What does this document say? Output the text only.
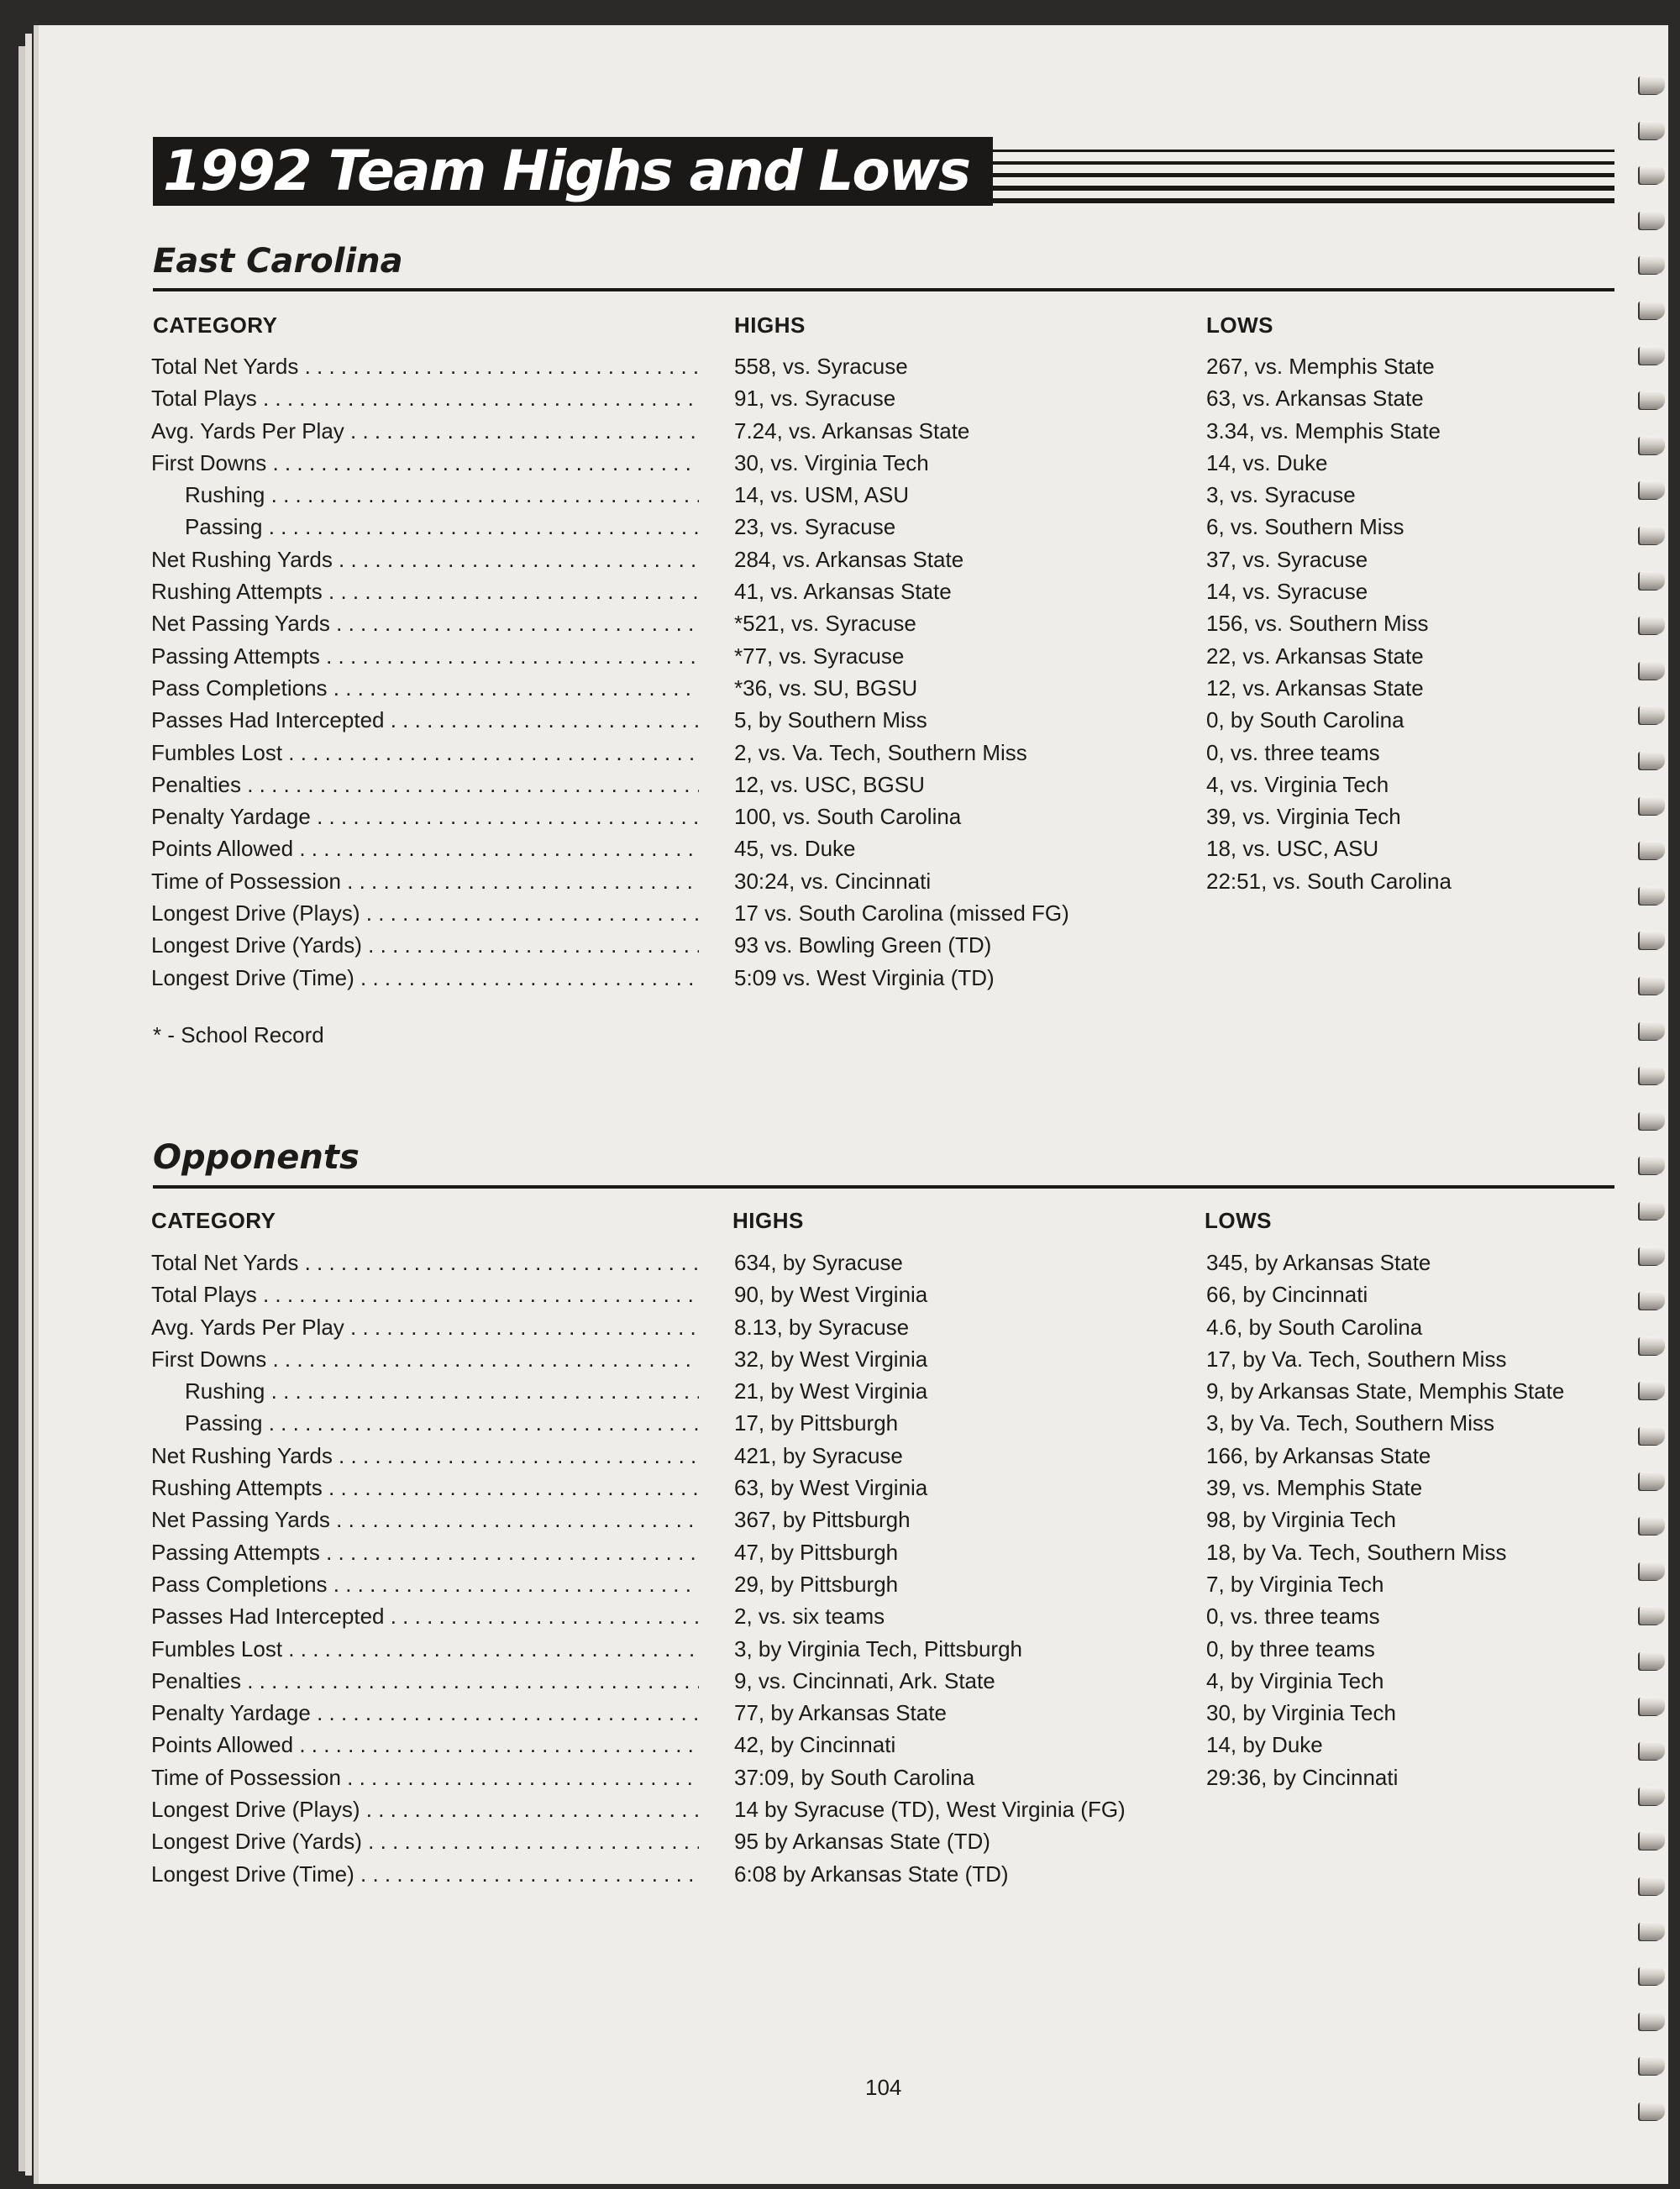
1992 Team Highs and Lows
East Carolina
CATEGORY	HIGHS	LOWS
Total Net Yards . . .	558, vs. Syracuse	267, vs. Memphis State
Total Plays . . .	91, vs. Syracuse	63, vs. Arkansas State
Avg. Yards Per Play . . .	7.24, vs. Arkansas State	3.34, vs. Memphis State
First Downs . . .	30, vs. Virginia Tech	14, vs. Duke
Rushing . . .	14, vs. USM, ASU	3, vs. Syracuse
Passing . . .	23, vs. Syracuse	6, vs. Southern Miss
Net Rushing Yards . . .	284, vs. Arkansas State	37, vs. Syracuse
Rushing Attempts . . .	41, vs. Arkansas State	14, vs. Syracuse
Net Passing Yards . . .	*521, vs. Syracuse	156, vs. Southern Miss
Passing Attempts . . .	*77, vs. Syracuse	22, vs. Arkansas State
Pass Completions . . .	*36, vs. SU, BGSU	12, vs. Arkansas State
Passes Had Intercepted . . .	5, by Southern Miss	0, by South Carolina
Fumbles Lost . . .	2, vs. Va. Tech, Southern Miss	0, vs. three teams
Penalties . . .	12, vs. USC, BGSU	4, vs. Virginia Tech
Penalty Yardage . . .	100, vs. South Carolina	39, vs. Virginia Tech
Points Allowed . . .	45, vs. Duke	18, vs. USC, ASU
Time of Possession . . .	30:24, vs. Cincinnati	22:51, vs. South Carolina
Longest Drive (Plays) . . .	17 vs. South Carolina (missed FG)
Longest Drive (Yards) . . .	93 vs. Bowling Green (TD)
Longest Drive (Time) . . .	5:09 vs. West Virginia (TD)
* - School Record
Opponents
CATEGORY	HIGHS	LOWS
Total Net Yards . . .	634, by Syracuse	345, by Arkansas State
Total Plays . . .	90, by West Virginia	66, by Cincinnati
Avg. Yards Per Play . . .	8.13, by Syracuse	4.6, by South Carolina
First Downs . . .	32, by West Virginia	17, by Va. Tech, Southern Miss
Rushing . . .	21, by West Virginia	9, by Arkansas State, Memphis State
Passing . . .	17, by Pittsburgh	3, by Va. Tech, Southern Miss
Net Rushing Yards . . .	421, by Syracuse	166, by Arkansas State
Rushing Attempts . . .	63, by West Virginia	39, vs. Memphis State
Net Passing Yards . . .	367, by Pittsburgh	98, by Virginia Tech
Passing Attempts . . .	47, by Pittsburgh	18, by Va. Tech, Southern Miss
Pass Completions . . .	29, by Pittsburgh	7, by Virginia Tech
Passes Had Intercepted . . .	2, vs. six teams	0, vs. three teams
Fumbles Lost . . .	3, by Virginia Tech, Pittsburgh	0, by three teams
Penalties . . .	9, vs. Cincinnati, Ark. State	4, by Virginia Tech
Penalty Yardage . . .	77, by Arkansas State	30, by Virginia Tech
Points Allowed . . .	42, by Cincinnati	14, by Duke
Time of Possession . . .	37:09, by South Carolina	29:36, by Cincinnati
Longest Drive (Plays) . . .	14 by Syracuse (TD), West Virginia (FG)
Longest Drive (Yards) . . .	95 by Arkansas State (TD)
Longest Drive (Time) . . .	6:08 by Arkansas State (TD)
104
